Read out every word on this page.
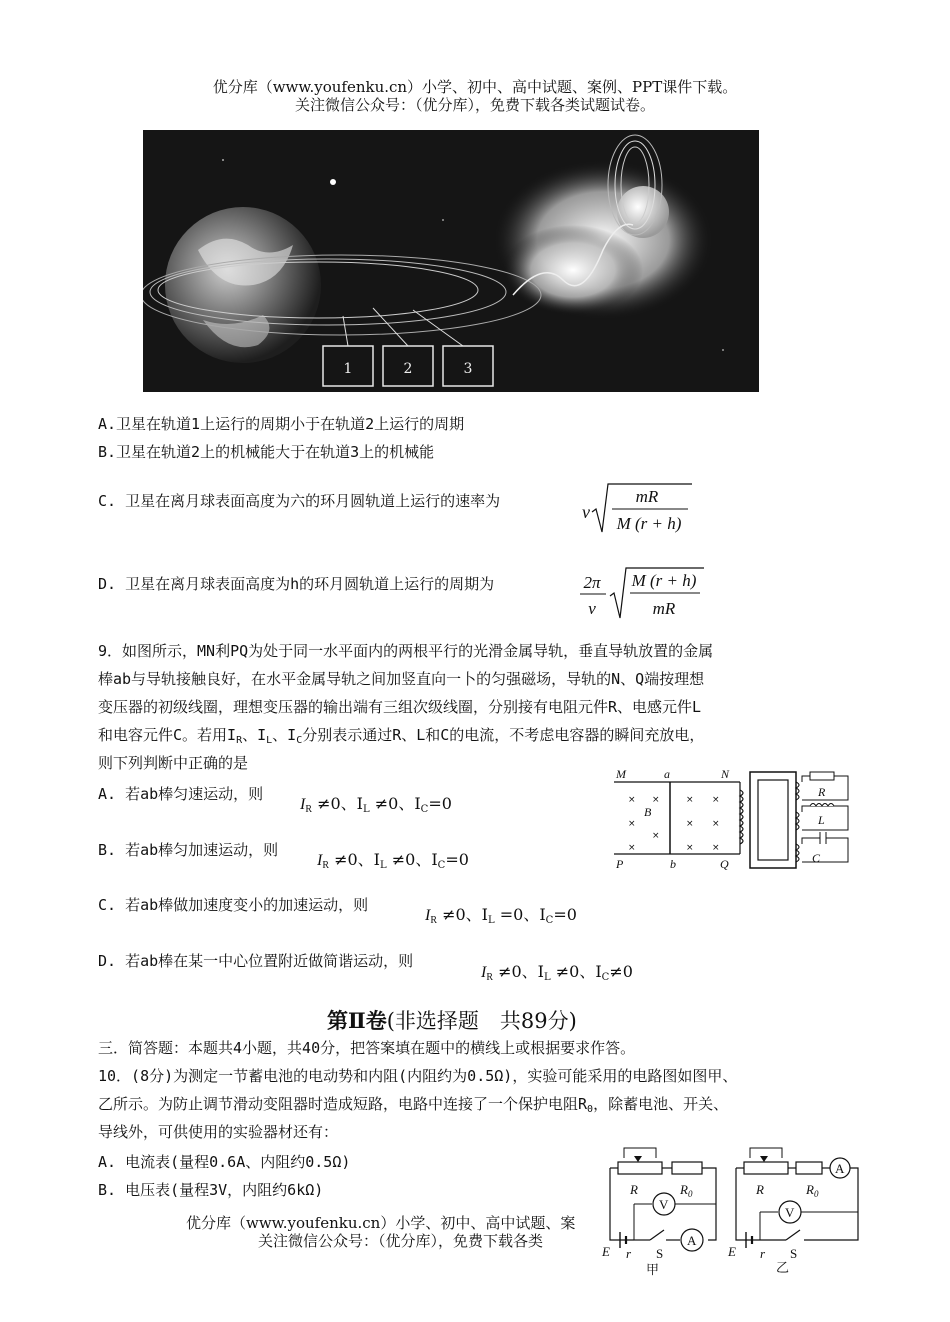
优分库（www.youfenku.cn）小学、初中、高中试题、案例、PPT课件下载。
关注微信公众号：（优分库），免费下载各类试题试卷。
1	2	3
A.卫星在轨道1上运行的周期小于在轨道2上运行的周期
B.卫星在轨道2上的机械能大于在轨道3上的机械能
C. 卫星在离月球表面高度为六的环月圆轨道上运行的速率为
v
mR
M (r + h)
D. 卫星在离月球表面高度为h的环月圆轨道上运行的周期为	2π
v
M (r + h)
mR
9．如图所示，MN利PQ为处于同一水平面内的两根平行的光滑金属导轨，垂直导轨放置的金属
棒ab与导轨接触良好，在水平金属导轨之间加竖直向一卜的匀强磁场，导轨的N、Q端按理想
变压器的初级线圈，理想变压器的输出端有三组次级线圈，分别接有电阻元件R、电感元件L
和电容元件C。若用$I_R$、$I_L$、$I_C$分别表示通过R、L和C的电流，不考虑电容器的瞬间充放电，
则下列判断中正确的是
A. 若ab棒匀速运动，则
$I_R \ne 0$、$I_L \ne 0$、$I_C=0$
B. 若ab棒匀加速运动，则
$I_R \ne 0$、$I_L \ne 0$、$I_C=0$
C. 若ab棒做加速度变小的加速运动，则
$I_R \ne 0$、$I_L =0$、$I_C=0$
D. 若ab棒在某一中心位置附近做简谐运动，则
$I_R \ne 0$、$I_L \ne 0$、$I_C\ne 0$
M	a	N
P	b	Q
B
R
L
C
×
×
×
×
×
×
×
×
×
×
×
第Ⅱ卷(非选择题　共89分)
三．简答题：本题共4小题，共40分，把答案填在题中的横线上或根据要求作答。
10．(8分)为测定一节蓄电池的电动势和内阻(内阻约为0.5Ω)，实验可能采用的电路图如图甲、
乙所示。为防止调节滑动变阻器时造成短路，电路中连接了一个保护电阻$R_0$，除蓄电池、开关、
导线外，可供使用的实验器材还有：
A. 电流表(量程0.6A、内阻约0.5Ω)
B. 电压表(量程3V，内阻约6kΩ)
优分库（www.youfenku.cn）小学、初中、高中试题、案
关注微信公众号：（优分库），免费下载各类
R	$R_0$
V
A
E r S
甲
A
R	$R_0$
V
E r S
乙
